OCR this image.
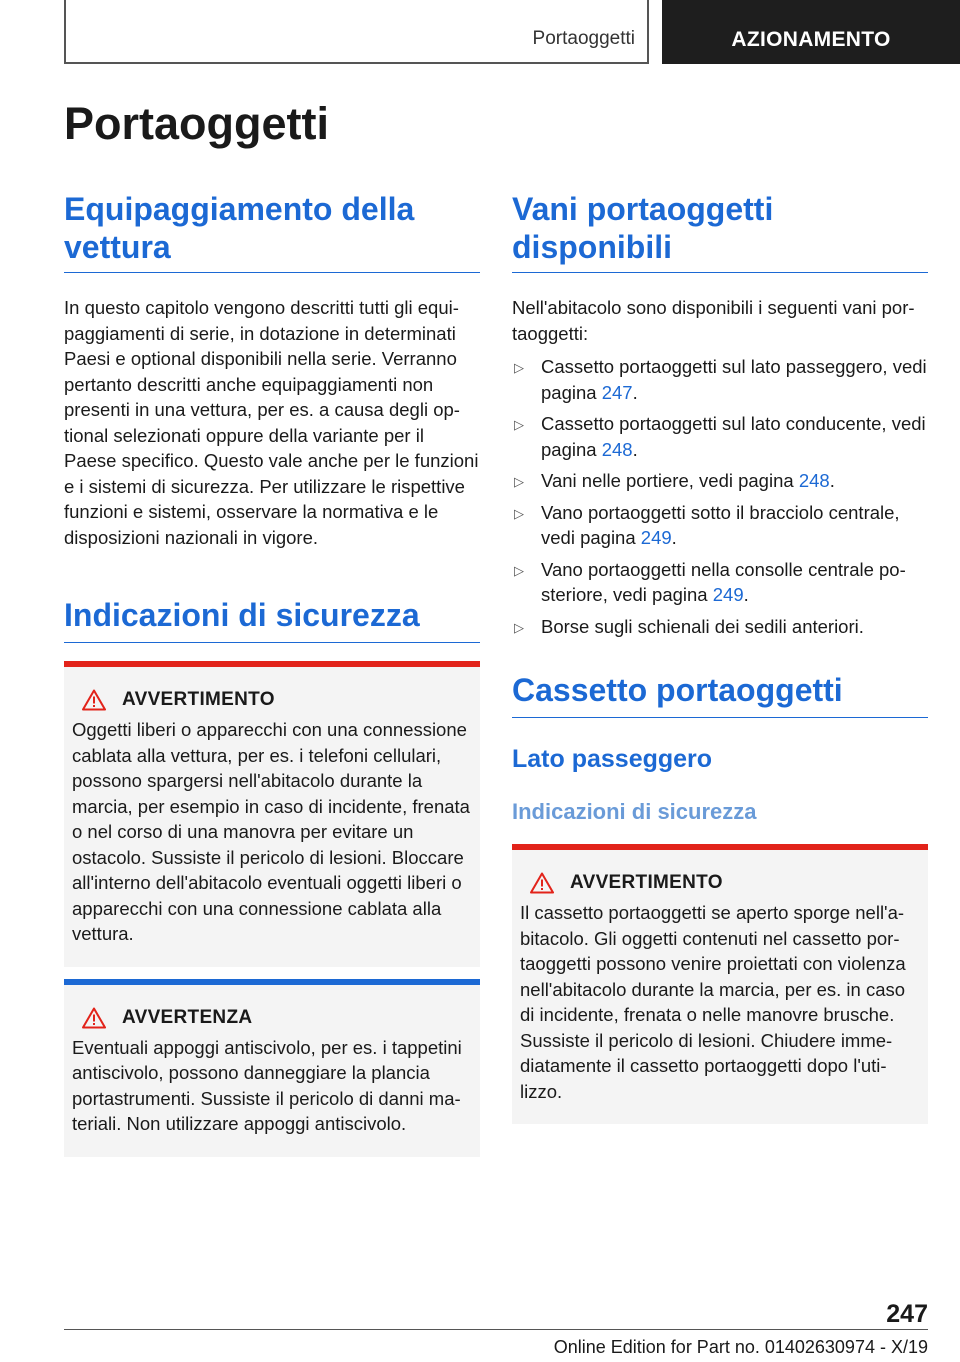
Portaoggetti	AZIONAMENTO
Portaoggetti
Equipaggiamento della vettura

In questo capitolo vengono descritti tutti gli equipaggiamenti di serie, in dotazione in determinati Paesi e optional disponibili nella serie. Verranno pertanto descritti anche equipaggiamenti non presenti in una vettura, per es. a causa degli optional selezionati oppure della variante per il Paese specifico. Questo vale anche per le funzioni e i sistemi di sicurezza. Per utilizzare le rispettive funzioni e sistemi, osservare la normativa e le disposizioni nazionali in vigore.

Indicazioni di sicurezza
AVVERTIMENTO

Oggetti liberi o apparecchi con una connessione cablata alla vettura, per es. i telefoni cellulari, possono spargersi nell'abitacolo durante la marcia, per esempio in caso di incidente, frenata o nel corso di una manovra per evitare un ostacolo. Sussiste il pericolo di lesioni. Bloccare all'interno dell'abitacolo eventuali oggetti liberi o apparecchi con una connessione cablata alla vettura.

AVVERTENZA

Eventuali appoggi antiscivolo, per es. i tappetini antiscivolo, possono danneggiare la plancia portastrumenti. Sussiste il pericolo di danni materiali. Non utilizzare appoggi antiscivolo.

Vani portaoggetti disponibili

Nell'abitacolo sono disponibili i seguenti vani portaoggetti:

▷ Cassetto portaoggetti sul lato passeggero, vedi pagina 247.
▷ Cassetto portaoggetti sul lato conducente, vedi pagina 248.
▷ Vani nelle portiere, vedi pagina 248.
▷ Vano portaoggetti sotto il bracciolo centrale, vedi pagina 249.
▷ Vano portaoggetti nella consolle centrale posteriore, vedi pagina 249.
▷ Borse sugli schienali dei sedili anteriori.
Cassetto portaoggetti
Lato passeggero
Indicazioni di sicurezza
AVVERTIMENTO

Il cassetto portaoggetti se aperto sporge nell'abitacolo. Gli oggetti contenuti nel cassetto portaoggetti possono venire proiettati con violenza nell'abitacolo durante la marcia, per es. in caso di incidente, frenata o nelle manovre brusche. Sussiste il pericolo di lesioni. Chiudere immediatamente il cassetto portaoggetti dopo l'utilizzo.

247
Online Edition for Part no. 01402630974 - X/19
